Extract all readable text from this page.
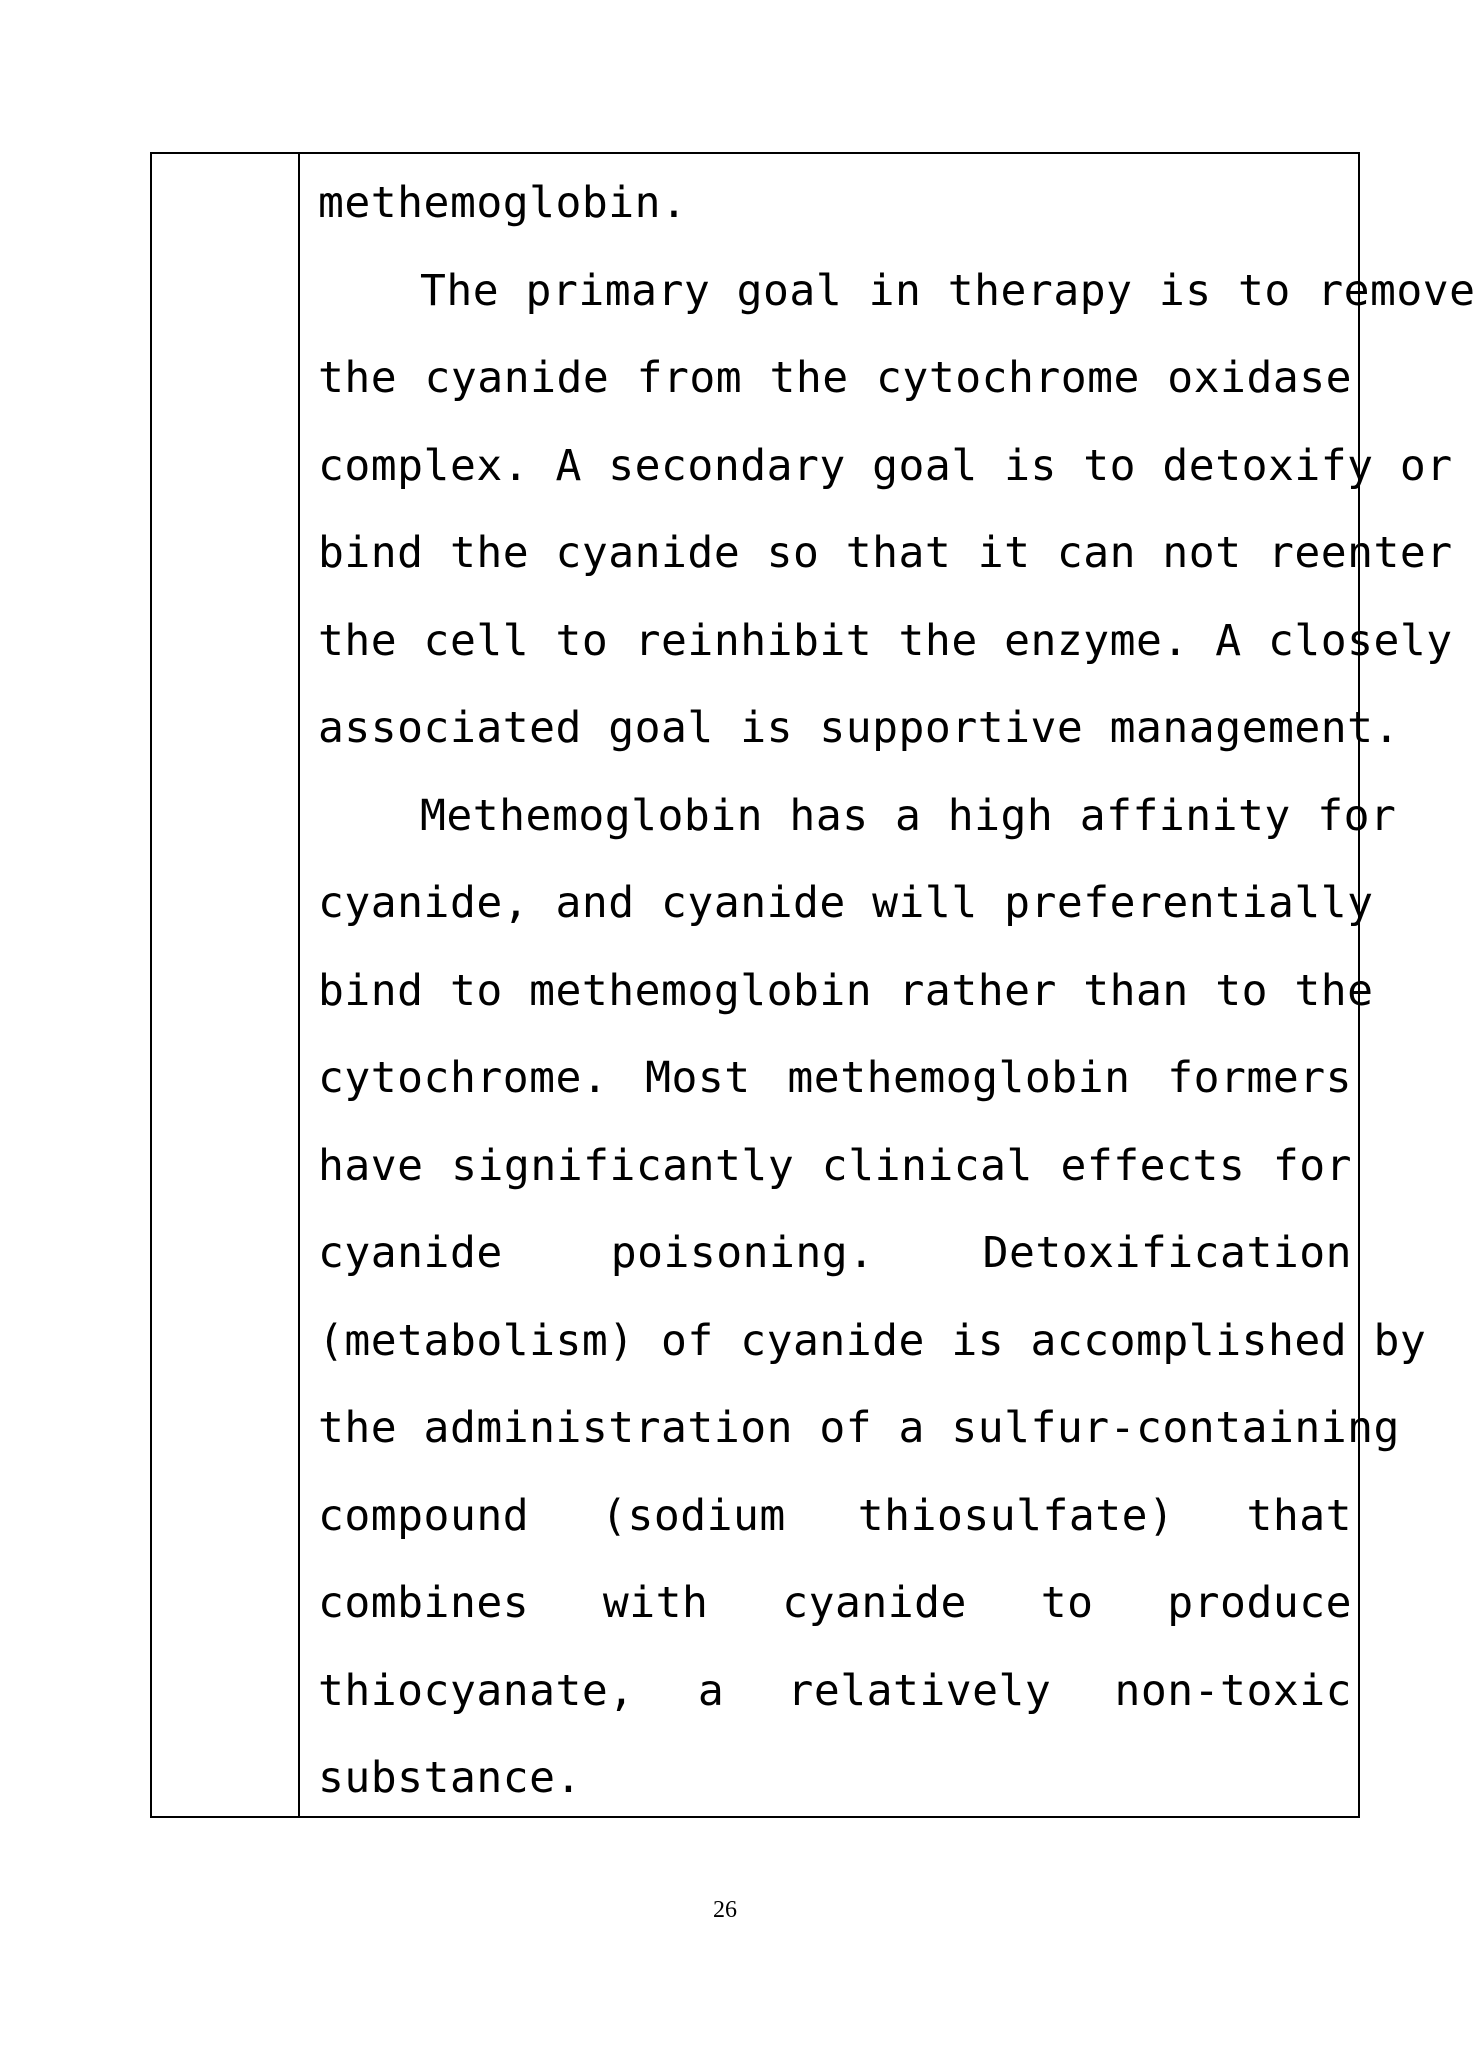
methemoglobin.
The primary goal in therapy is to remove
the cyanide from the cytochrome oxidase
complex. A secondary goal is to detoxify or
bind the cyanide so that it can not reenter
the cell to reinhibit the enzyme. A closely
associated goal is supportive management.
Methemoglobin has a high affinity for
cyanide, and cyanide will preferentially
bind to methemoglobin rather than to the
cytochrome. Most methemoglobin formers
have significantly clinical effects for
cyanide poisoning. Detoxification
(metabolism) of cyanide is accomplished by
the administration of a sulfur-containing
compound (sodium thiosulfate) that
combines with cyanide to produce
thiocyanate, a relatively non-toxic
substance.
26
